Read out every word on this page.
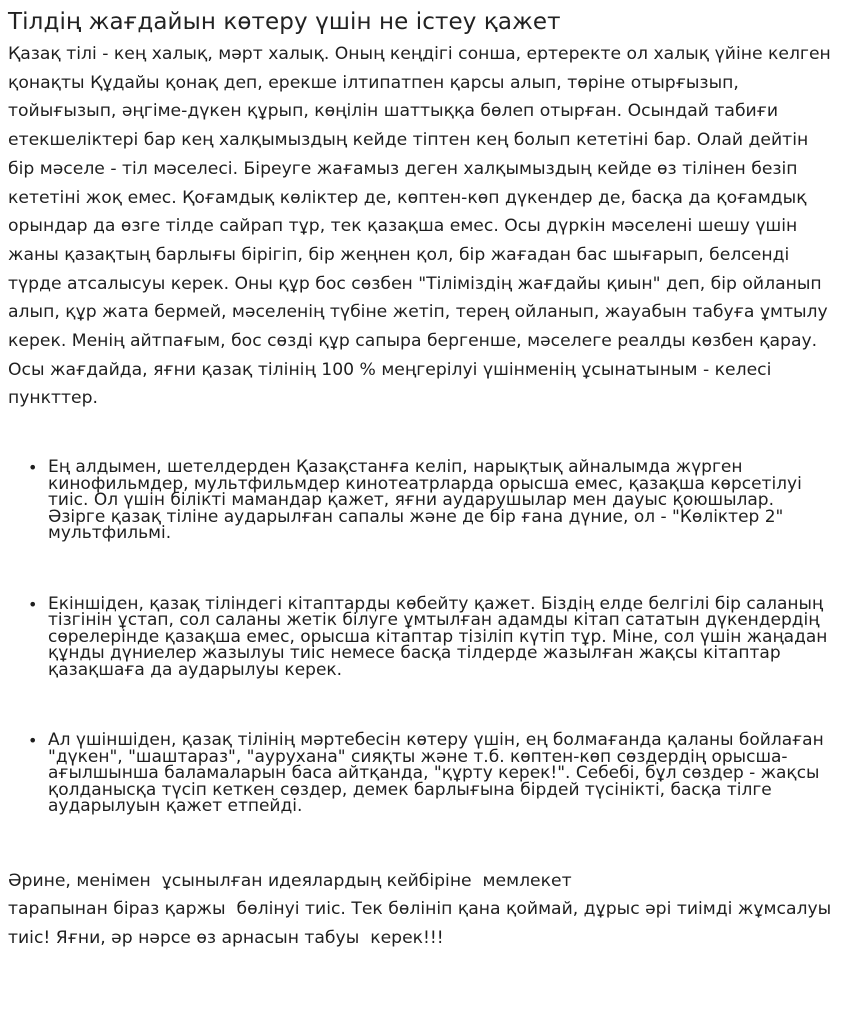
Тілдің жағдайын көтеру үшін не істеу қажет

Қазақ тілі - кең халық, мәрт халық. Оның кеңдігі сонша, ертеректе ол халық үйіне келген қонақты Құдайы қонақ деп, ерекше ілтипатпен қарсы алып, төріне отырғызып, тойығызып, әңгіме-дүкен құрып, көңілін шаттыққа бөлеп отырған. Осындай табиғи етекшеліктері бар кең халқымыздың кейде тіптен кең болып кететіні бар. Олай дейтін бір мәселе - тіл мәселесі. Біреуге жағамыз деген халқымыздың кейде өз тілінен безіп кететіні жоқ емес. Қоғамдық көліктер де, көптен-көп дүкендер де, басқа да қоғамдық орындар да өзге тілде сайрап тұр, тек қазақша емес. Осы дүркін мәселені шешу үшін жаны қазақтың барлығы бірігіп, бір жеңнен қол, бір жағадан бас шығарып, белсенді түрде атсалысуы керек. Оны құр бос сөзбен "Тіліміздің жағдайы қиын" деп, бір ойланып алып, құр жата бермей, мәселенің түбіне жетіп, терең ойланып, жауабын табуға ұмтылу керек. Менің айтпағым, бос сөзді құр сапыра бергенше, мәселеге реалды көзбен қарау. Осы жағдайда, яғни қазақ тілінің 100 % меңгерілуі үшінменің ұсынатыным - келесі пункттер.

• Ең алдымен, шетелдерден Қазақстанға келіп, нарықтық айналымда жүрген кинофильмдер, мультфильмдер кинотеатрларда орысша емес, қазақша көрсетілуі тиіс. Ол үшін білікті мамандар қажет, яғни аударушылар мен дауыс қоюшылар. Әзірге қазақ тіліне аударылған сапалы және де бір ғана дүние, ол - "Көліктер 2" мультфильмі.
• Екіншіден, қазақ тіліндегі кітаптарды көбейту қажет. Біздің елде белгілі бір саланың тізгінін ұстап, сол саланы жетік білуге ұмтылған адамды кітап сататын дүкендердің сөрелерінде қазақша емес, орысша кітаптар тізіліп күтіп тұр. Міне, сол үшін жаңадан құнды дүниелер жазылуы тиіс немесе басқа тілдерде жазылған жақсы кітаптар қазақшаға да аударылуы керек.
• Ал үшіншіден, қазақ тілінің мәртебесін көтеру үшін, ең болмағанда қаланы бойлаған "дүкен", "шаштараз", "аурухана" сияқты және т.б. көптен-көп сөздердің орысша-ағылшынша баламаларын баса айтқанда, "құрту керек!". Себебі, бұл сөздер - жақсы қолданысқа түсіп кеткен сөздер, демек барлығына бірдей түсінікті, басқа тілге аударылуын қажет етпейді.

Әрине, менімен  ұсынылған идеялардың кейбіріне  мемлекет
тарапынан біраз қаржы  бөлінуі тиіс. Тек бөлініп қана қоймай, дұрыс әрі тиімді жұмсалуы тиіс! Яғни, әр нәрсе өз арнасын табуы  керек!!!
